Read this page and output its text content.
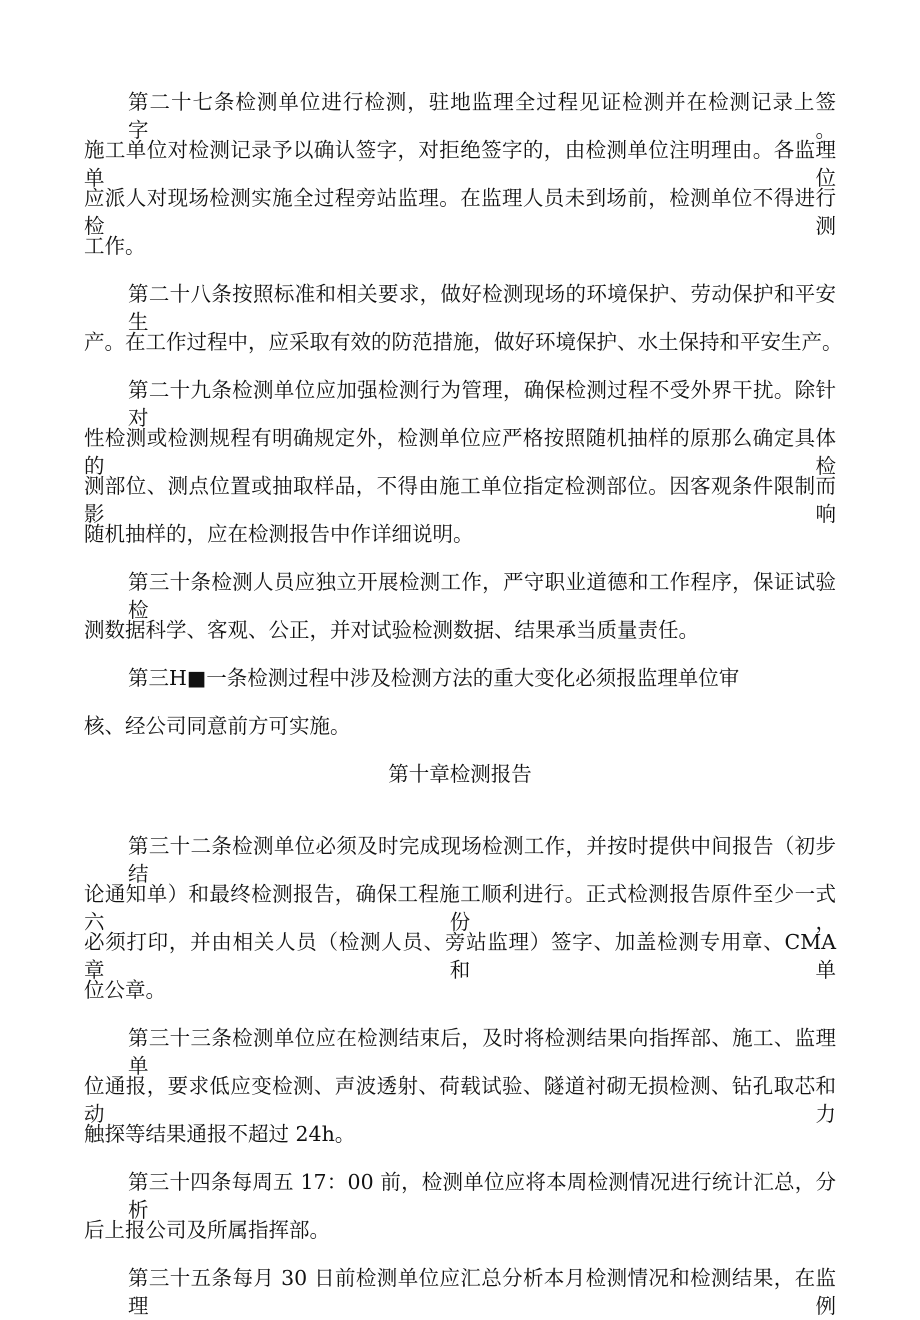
第二十七条检测单位进行检测，驻地监理全过程见证检测并在检测记录上签字。
施工单位对检测记录予以确认签字，对拒绝签字的，由检测单位注明理由。各监理单位
应派人对现场检测实施全过程旁站监理。在监理人员未到场前，检测单位不得进行检测
工作。
第二十八条按照标准和相关要求，做好检测现场的环境保护、劳动保护和平安生
产。在工作过程中，应采取有效的防范措施，做好环境保护、水土保持和平安生产。
第二十九条检测单位应加强检测行为管理，确保检测过程不受外界干扰。除针对
性检测或检测规程有明确规定外，检测单位应严格按照随机抽样的原那么确定具体的检
测部位、测点位置或抽取样品，不得由施工单位指定检测部位。因客观条件限制而影响
随机抽样的，应在检测报告中作详细说明。
第三十条检测人员应独立开展检测工作，严守职业道德和工作程序，保证试验检
测数据科学、客观、公正，并对试验检测数据、结果承当质量责任。
第三H■一条检测过程中涉及检测方法的重大变化必须报监理单位审
核、经公司同意前方可实施。
第十章检测报告
第三十二条检测单位必须及时完成现场检测工作，并按时提供中间报告（初步结
论通知单）和最终检测报告，确保工程施工顺利进行。正式检测报告原件至少一式六份，
必须打印，并由相关人员（检测人员、旁站监理）签字、加盖检测专用章、CMA 章和单
位公章。
第三十三条检测单位应在检测结束后，及时将检测结果向指挥部、施工、监理单
位通报，要求低应变检测、声波透射、荷载试验、隧道衬砌无损检测、钻孔取芯和动力
触探等结果通报不超过 24h。
第三十四条每周五 17：00 前，检测单位应将本周检测情况进行统计汇总，分析
后上报公司及所属指挥部。
第三十五条每月 30 日前检测单位应汇总分析本月检测情况和检测结果，在监理例
